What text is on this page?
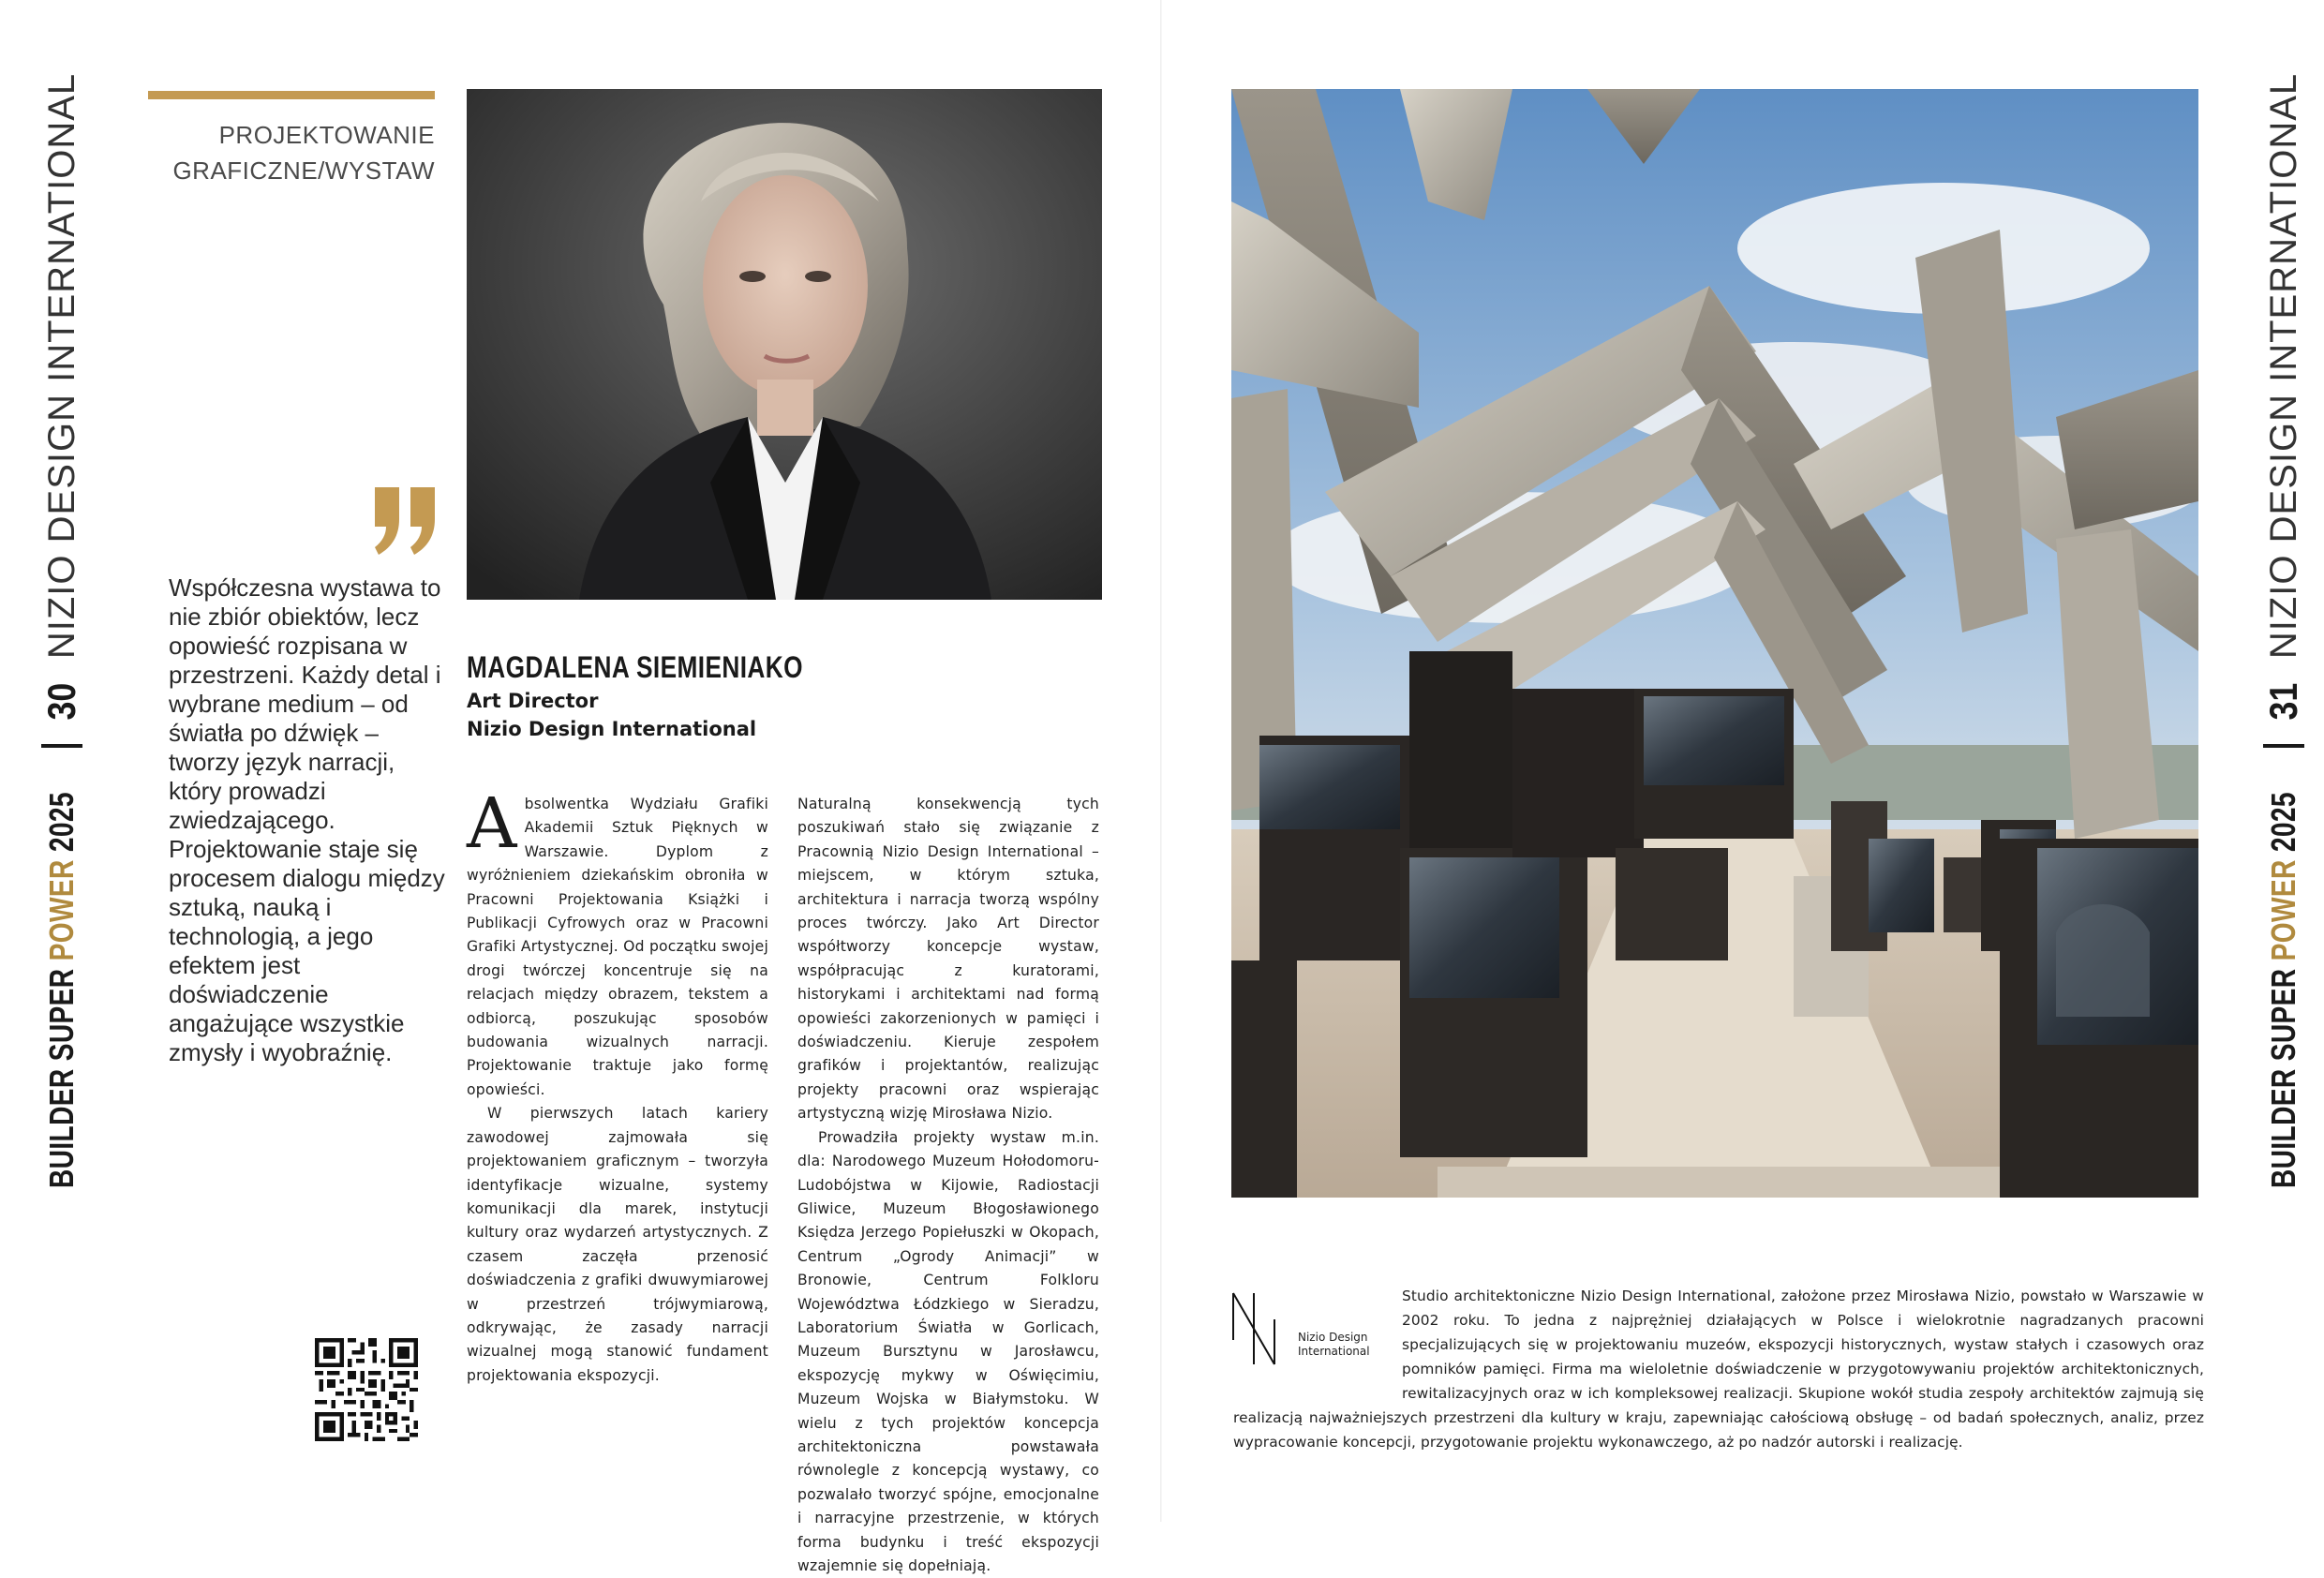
BUILDER SUPER POWER 2025
30
NIZIO DESIGN INTERNATIONAL	PROJEKTOWANIE
GRAFICZNE/WYSTAW

Współczesna wystawa to nie zbiór obiektów, lecz opowieść rozpisana w przestrzeni. Każdy detal i wybrane medium – od światła po dźwięk – tworzy język narracji, który prowadzi zwiedzającego. Projektowanie staje się procesem dialogu między sztuką, nauką i technologią, a jego efektem jest doświadczenie angażujące wszystkie zmysły i wyobraźnię.

MAGDALENA SIEMIENIAKO
Art Director
Nizio Design International

Absolwentka Wydziału Grafiki Akademii Sztuk Pięknych w Warszawie. Dyplom z wyróżnieniem dziekańskim obroniła w Pracowni Projektowania Książki i Publikacji Cyfrowych oraz w Pracowni Grafiki Artystycznej. Od początku swojej drogi twórczej koncentruje się na relacjach między obrazem, tekstem a odbiorcą, poszukując sposobów budowania wizualnych narracji. Projektowanie traktuje jako formę opowieści.

W pierwszych latach kariery zawodowej zajmowała się projektowaniem graficznym – tworzyła identyfikacje wizualne, systemy komunikacji dla marek, instytucji kultury oraz wydarzeń artystycznych. Z czasem zaczęła przenosić doświadczenia z grafiki dwuwymiarowej w przestrzeń trójwymiarową, odkrywając, że zasady narracji wizualnej mogą stanowić fundament projektowania ekspozycji.

Naturalną konsekwencją tych poszukiwań stało się związanie z Pracownią Nizio Design International – miejscem, w którym sztuka, architektura i narracja tworzą wspólny proces twórczy. Jako Art Director współtworzy koncepcje wystaw, współpracując z kuratorami, historykami i architektami nad formą opowieści zakorzenionych w pamięci i doświadczeniu. Kieruje zespołem grafików i projektantów, realizując projekty pracowni oraz wspierając artystyczną wizję Mirosława Nizio.

Prowadziła projekty wystaw m.in. dla: Narodowego Muzeum Hołodomoru-Ludobójstwa w Kijowie, Radiostacji Gliwice, Muzeum Błogosławionego Księdza Jerzego Popiełuszki w Okopach, Centrum „Ogrody Animacji” w Bronowie, Centrum Folkloru Województwa Łódzkiego w Sieradzu, Laboratorium Światła w Gorlicach, Muzeum Bursztynu w Jarosławcu, ekspozycję mykwy w Oświęcimiu, Muzeum Wojska w Białymstoku. W wielu z tych projektów koncepcja architektoniczna powstawała równolegle z koncepcją wystawy, co pozwalało tworzyć spójne, emocjonalne i narracyjne przestrzenie, w których forma budynku i treść ekspozycji wzajemnie się dopełniają.

Nizio Design
International

Studio architektoniczne Nizio Design International, założone przez Mirosława Nizio, powstało w Warszawie w 2002 roku. To jedna z najprężniej działających w Polsce i wielokrotnie nagradzanych pracowni specjalizujących się w projektowaniu muzeów, ekspozycji historycznych, wystaw stałych i czasowych oraz pomników pamięci. Firma ma wieloletnie doświadczenie w przygotowywaniu projektów architektonicznych, rewitalizacyjnych oraz w ich kompleksowej realizacji. Skupione wokół studia zespoły architektów zajmują się realizacją najważniejszych przestrzeni dla kultury w kraju, zapewniając całościową obsługę – od badań społecznych, analiz, przez wypracowanie koncepcji, przygotowanie projektu wykonawczego, aż po nadzór autorski i realizację.

BUILDER SUPER POWER 2025
31
NIZIO DESIGN INTERNATIONAL
